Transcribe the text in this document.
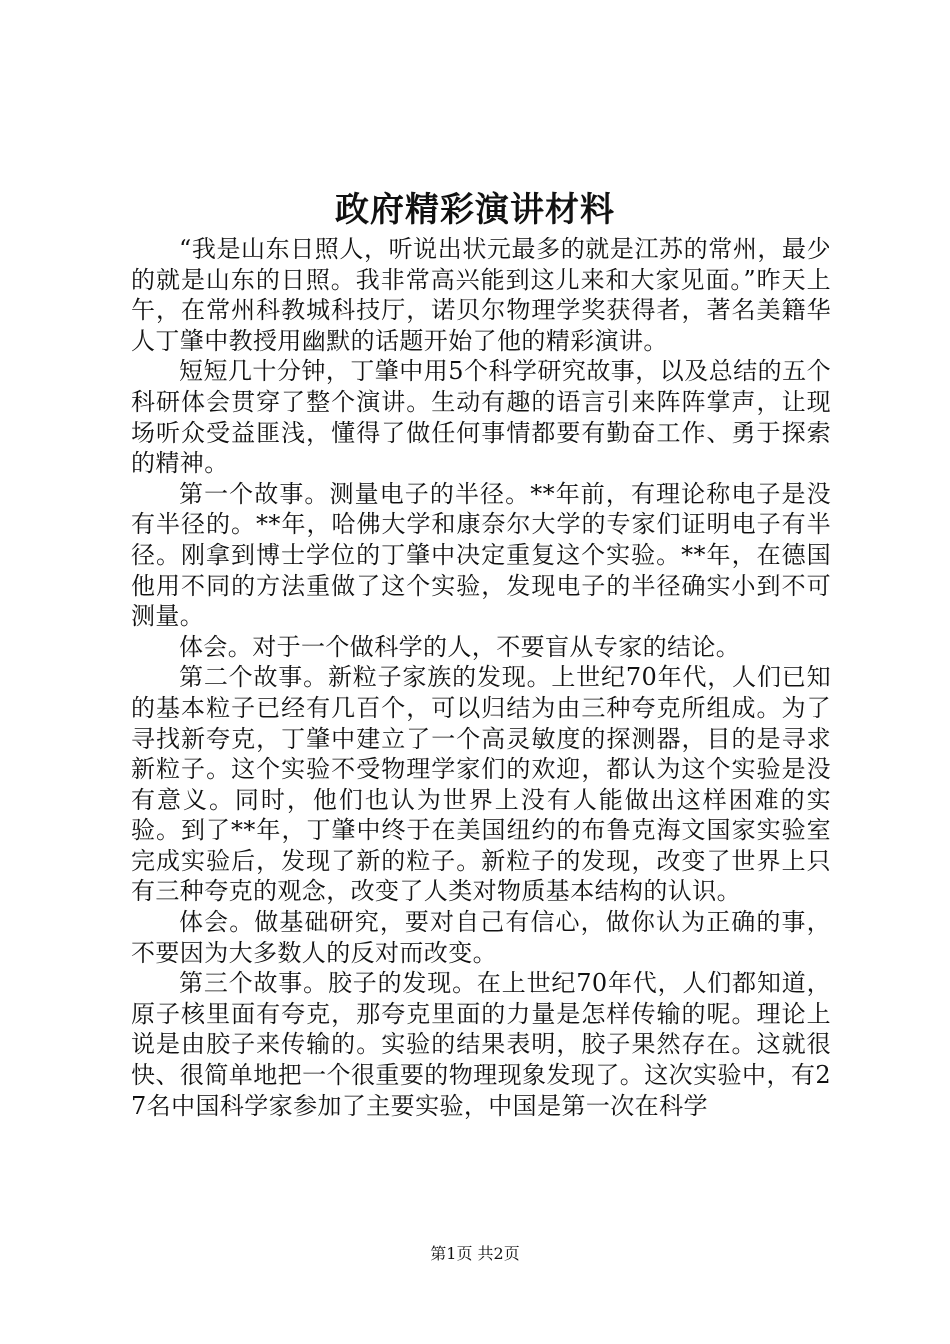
政府精彩演讲材料

“我是山东日照人，听说出状元最多的就是江苏的常州，最少的就是山东的日照。我非常高兴能到这儿来和大家见面。”昨天上午，在常州科教城科技厅，诺贝尔物理学奖获得者，著名美籍华人丁肇中教授用幽默的话题开始了他的精彩演讲。

短短几十分钟，丁肇中用5个科学研究故事，以及总结的五个科研体会贯穿了整个演讲。生动有趣的语言引来阵阵掌声，让现场听众受益匪浅，懂得了做任何事情都要有勤奋工作、勇于探索的精神。

第一个故事。测量电子的半径。**年前，有理论称电子是没有半径的。**年，哈佛大学和康奈尔大学的专家们证明电子有半径。刚拿到博士学位的丁肇中决定重复这个实验。**年，在德国他用不同的方法重做了这个实验，发现电子的半径确实小到不可测量。

体会。对于一个做科学的人，不要盲从专家的结论。

第二个故事。新粒子家族的发现。上世纪70年代，人们已知的基本粒子已经有几百个，可以归结为由三种夸克所组成。为了寻找新夸克，丁肇中建立了一个高灵敏度的探测器，目的是寻求新粒子。这个实验不受物理学家们的欢迎，都认为这个实验是没有意义。同时，他们也认为世界上没有人能做出这样困难的实验。到了**年，丁肇中终于在美国纽约的布鲁克海文国家实验室完成实验后，发现了新的粒子。新粒子的发现，改变了世界上只有三种夸克的观念，改变了人类对物质基本结构的认识。

体会。做基础研究，要对自己有信心，做你认为正确的事，不要因为大多数人的反对而改变。

第三个故事。胶子的发现。在上世纪70年代，人们都知道，原子核里面有夸克，那夸克里面的力量是怎样传输的呢。理论上说是由胶子来传输的。实验的结果表明，胶子果然存在。这就很快、很简单地把一个很重要的物理现象发现了。这次实验中，有27名中国科学家参加了主要实验，中国是第一次在科学

第1页 共2页
